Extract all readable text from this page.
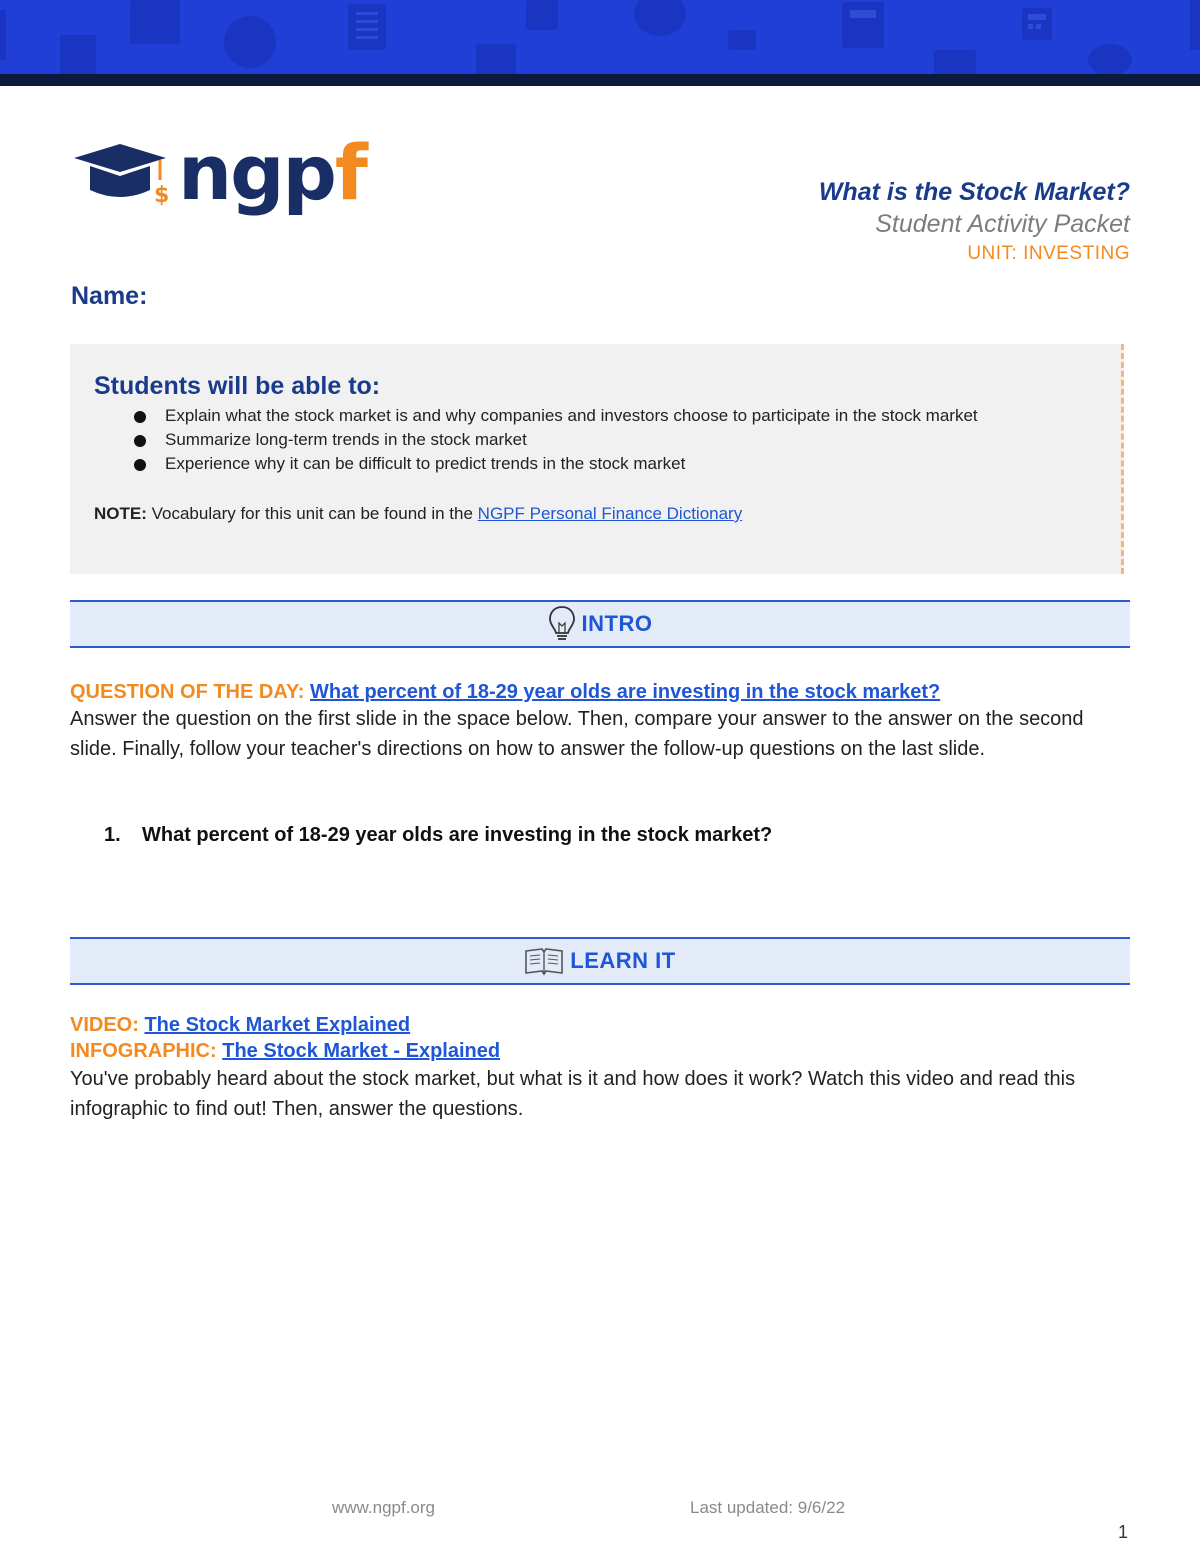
$ ngpf	What is the Stock Market?
Student Activity Packet
UNIT: INVESTING
Name:
Students will be able to:
Explain what the stock market is and why companies and investors choose to participate in the stock market
Summarize long-term trends in the stock market
Experience why it can be difficult to predict trends in the stock market
NOTE: Vocabulary for this unit can be found in the NGPF Personal Finance Dictionary
INTRO
QUESTION OF THE DAY: What percent of 18-29 year olds are investing in the stock market?
Answer the question on the first slide in the space below. Then, compare your answer to the answer on the second slide. Finally, follow your teacher's directions on how to answer the follow-up questions on the last slide.
1. What percent of 18-29 year olds are investing in the stock market?
LEARN IT
VIDEO: The Stock Market Explained
INFOGRAPHIC: The Stock Market - Explained
You've probably heard about the stock market, but what is it and how does it work? Watch this video and read this infographic to find out! Then, answer the questions.
www.ngpf.org	Last updated: 9/6/22
1
